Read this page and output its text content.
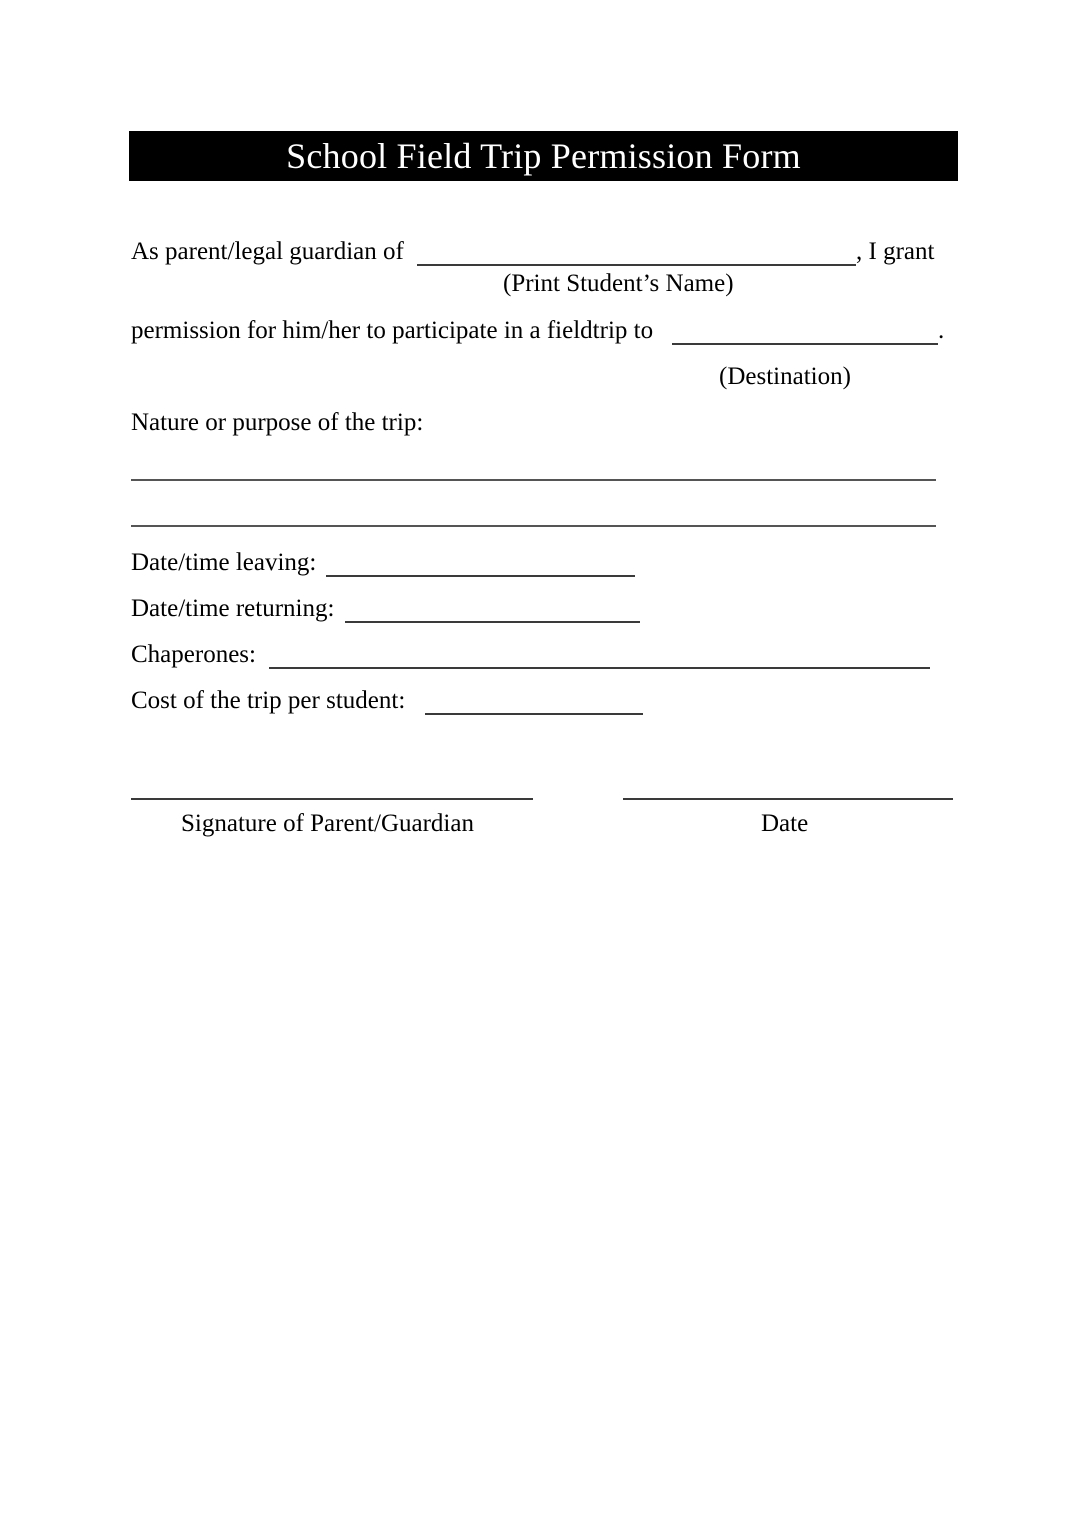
School Field Trip Permission Form
As parent/legal guardian of	, I grant
(Print Student’s Name)
permission for him/her to participate in a fieldtrip to	.
(Destination)
Nature or purpose of the trip:
Date/time leaving:
Date/time returning:
Chaperones:
Cost of the trip per student:
Signature of Parent/Guardian	Date
